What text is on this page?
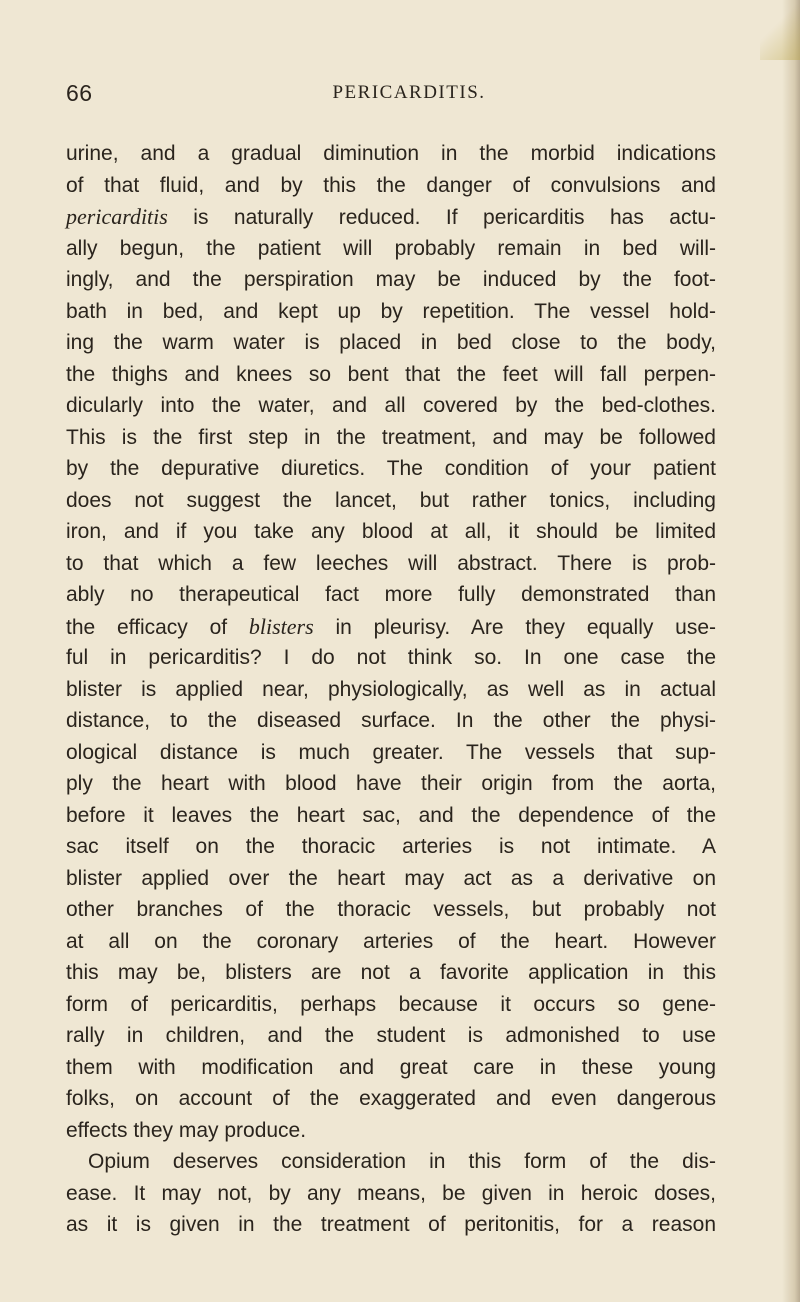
66	PERICARDITIS.
urine, and a gradual diminution in the morbid indications
of that fluid, and by this the danger of convulsions and
pericarditis is naturally reduced. If pericarditis has actu-
ally begun, the patient will probably remain in bed will-
ingly, and the perspiration may be induced by the foot-
bath in bed, and kept up by repetition. The vessel hold-
ing the warm water is placed in bed close to the body,
the thighs and knees so bent that the feet will fall perpen-
dicularly into the water, and all covered by the bed-clothes.
This is the first step in the treatment, and may be followed
by the depurative diuretics. The condition of your patient
does not suggest the lancet, but rather tonics, including
iron, and if you take any blood at all, it should be limited
to that which a few leeches will abstract. There is prob-
ably no therapeutical fact more fully demonstrated than
the efficacy of blisters in pleurisy. Are they equally use-
ful in pericarditis? I do not think so. In one case the
blister is applied near, physiologically, as well as in actual
distance, to the diseased surface. In the other the physi-
ological distance is much greater. The vessels that sup-
ply the heart with blood have their origin from the aorta,
before it leaves the heart sac, and the dependence of the
sac itself on the thoracic arteries is not intimate. A
blister applied over the heart may act as a derivative on
other branches of the thoracic vessels, but probably not
at all on the coronary arteries of the heart. However
this may be, blisters are not a favorite application in this
form of pericarditis, perhaps because it occurs so gene-
rally in children, and the student is admonished to use
them with modification and great care in these young
folks, on account of the exaggerated and even dangerous
effects they may produce.
Opium deserves consideration in this form of the dis-
ease. It may not, by any means, be given in heroic doses,
as it is given in the treatment of peritonitis, for a reason
